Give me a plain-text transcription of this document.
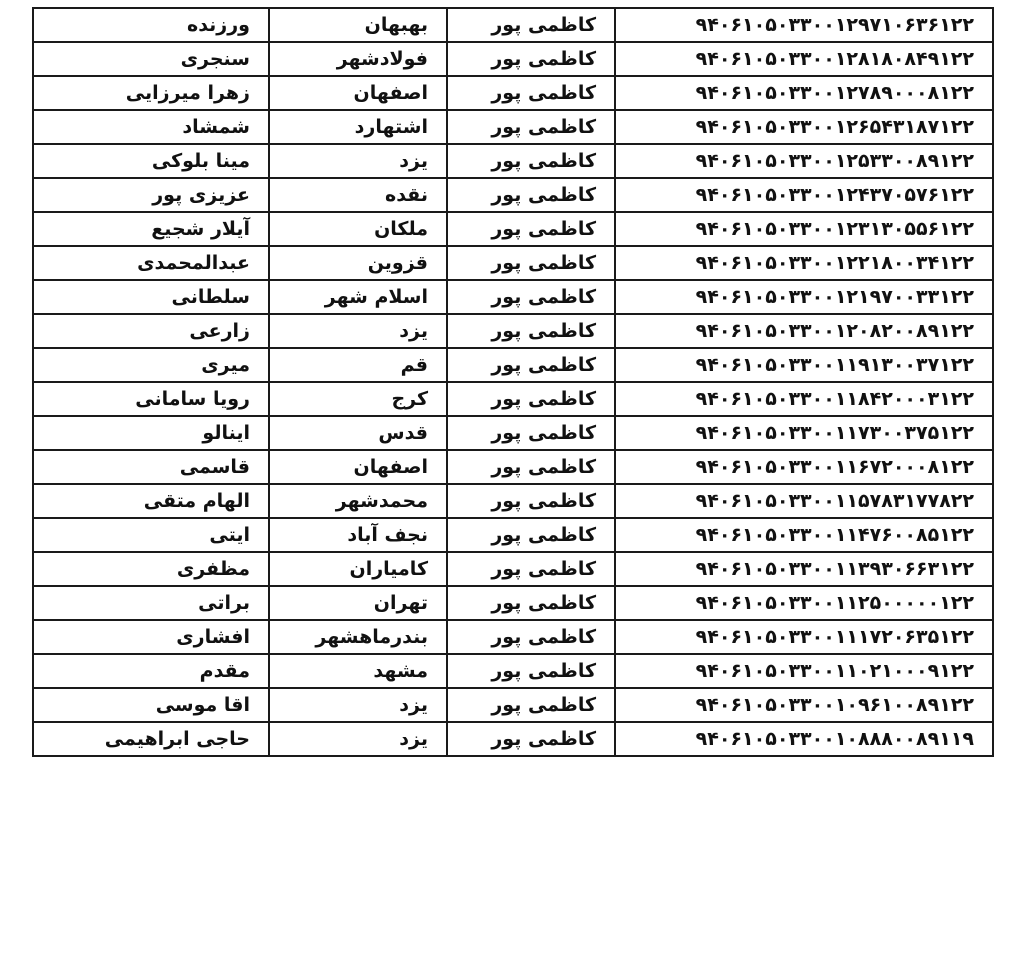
ورزنده	بهبهان	کاظمی پور	۹۴۰۶۱۰۵۰۳۳۰۰۱۲۹۷۱۰۶۳۶۱۲۲
سنجری	فولادشهر	کاظمی پور	۹۴۰۶۱۰۵۰۳۳۰۰۱۲۸۱۸۰۸۴۹۱۲۲
زهرا میرزایی	اصفهان	کاظمی پور	۹۴۰۶۱۰۵۰۳۳۰۰۱۲۷۸۹۰۰۰۸۱۲۲
شمشاد	اشتهارد	کاظمی پور	۹۴۰۶۱۰۵۰۳۳۰۰۱۲۶۵۴۳۱۸۷۱۲۲
مینا بلوکی	یزد	کاظمی پور	۹۴۰۶۱۰۵۰۳۳۰۰۱۲۵۳۳۰۰۸۹۱۲۲
عزیزی پور	نقده	کاظمی پور	۹۴۰۶۱۰۵۰۳۳۰۰۱۲۴۳۷۰۵۷۶۱۲۲
آیلار شجیع	ملکان	کاظمی پور	۹۴۰۶۱۰۵۰۳۳۰۰۱۲۳۱۳۰۵۵۶۱۲۲
عبدالمحمدی	قزوین	کاظمی پور	۹۴۰۶۱۰۵۰۳۳۰۰۱۲۲۱۸۰۰۳۴۱۲۲
سلطانی	اسلام شهر	کاظمی پور	۹۴۰۶۱۰۵۰۳۳۰۰۱۲۱۹۷۰۰۳۳۱۲۲
زارعی	یزد	کاظمی پور	۹۴۰۶۱۰۵۰۳۳۰۰۱۲۰۸۲۰۰۸۹۱۲۲
میری	قم	کاظمی پور	۹۴۰۶۱۰۵۰۳۳۰۰۱۱۹۱۳۰۰۳۷۱۲۲
رویا سامانی	کرج	کاظمی پور	۹۴۰۶۱۰۵۰۳۳۰۰۱۱۸۴۲۰۰۰۳۱۲۲
اینالو	قدس	کاظمی پور	۹۴۰۶۱۰۵۰۳۳۰۰۱۱۷۳۰۰۳۷۵۱۲۲
قاسمی	اصفهان	کاظمی پور	۹۴۰۶۱۰۵۰۳۳۰۰۱۱۶۷۲۰۰۰۸۱۲۲
الهام متقی	محمدشهر	کاظمی پور	۹۴۰۶۱۰۵۰۳۳۰۰۱۱۵۷۸۳۱۷۷۸۲۲
ایتی	نجف آباد	کاظمی پور	۹۴۰۶۱۰۵۰۳۳۰۰۱۱۴۷۶۰۰۸۵۱۲۲
مظفری	کامیاران	کاظمی پور	۹۴۰۶۱۰۵۰۳۳۰۰۱۱۳۹۳۰۶۶۳۱۲۲
براتی	تهران	کاظمی پور	۹۴۰۶۱۰۵۰۳۳۰۰۱۱۲۵۰۰۰۰۰۱۲۲
افشاری	بندرماهشهر	کاظمی پور	۹۴۰۶۱۰۵۰۳۳۰۰۱۱۱۷۲۰۶۳۵۱۲۲
مقدم	مشهد	کاظمی پور	۹۴۰۶۱۰۵۰۳۳۰۰۱۱۰۲۱۰۰۰۹۱۲۲
اقا موسی	یزد	کاظمی پور	۹۴۰۶۱۰۵۰۳۳۰۰۱۰۹۶۱۰۰۸۹۱۲۲
حاجی ابراهیمی	یزد	کاظمی پور	۹۴۰۶۱۰۵۰۳۳۰۰۱۰۸۸۸۰۰۸۹۱۱۹
